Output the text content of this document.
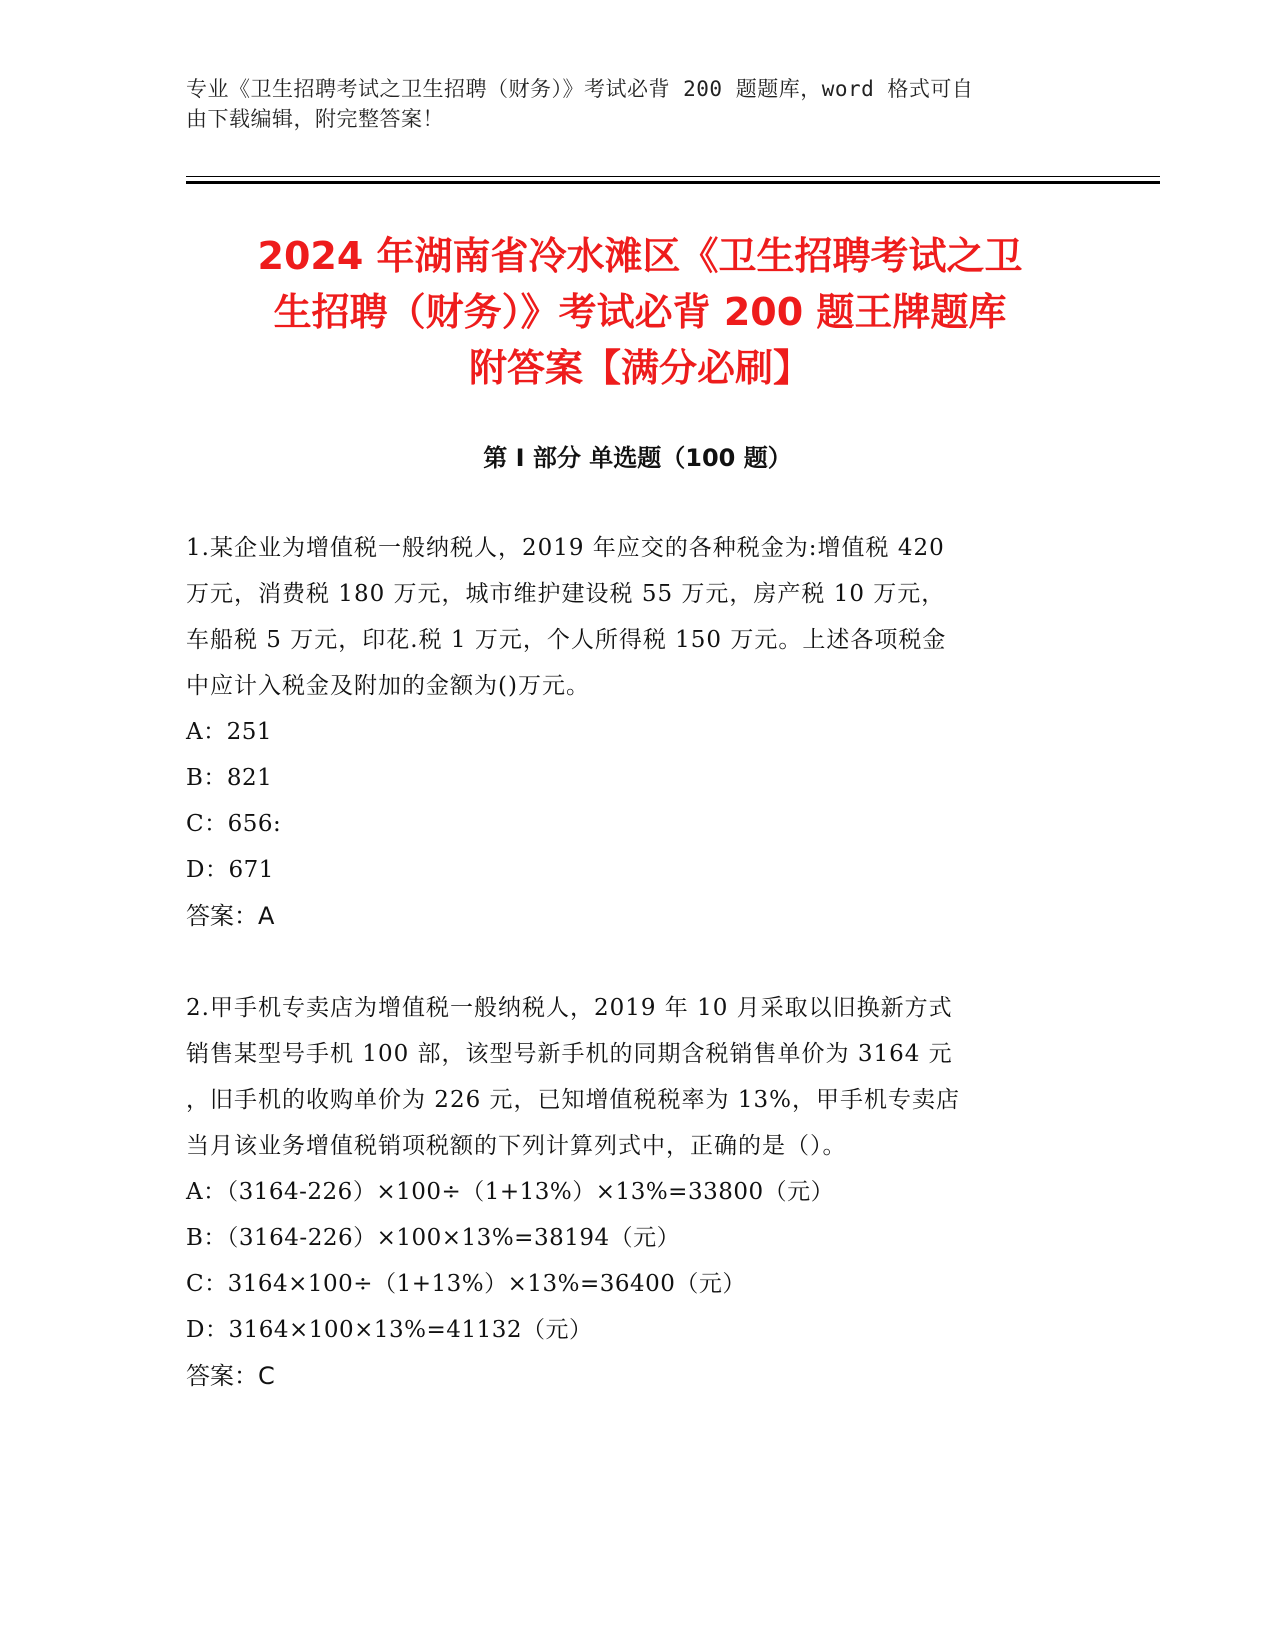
专业《卫生招聘考试之卫生招聘（财务）》考试必背 200 题题库，word 格式可自
由下载编辑，附完整答案！
2024 年湖南省冷水滩区《卫生招聘考试之卫
生招聘（财务）》考试必背 200 题王牌题库
附答案【满分必刷】
第 I 部分 单选题（100 题）
1.某企业为增值税一般纳税人，2019 年应交的各种税金为:增值税 420
万元，消费税 180 万元，城市维护建设税 55 万元，房产税 10 万元，
车船税 5 万元，印花.税 1 万元，个人所得税 150 万元。上述各项税金
中应计入税金及附加的金额为()万元。
A：251
B：821
C：656:
D：671
答案：A
2.甲手机专卖店为增值税一般纳税人，2019 年 10 月采取以旧换新方式
销售某型号手机 100 部，该型号新手机的同期含税销售单价为 3164 元
，旧手机的收购单价为 226 元，已知增值税税率为 13%，甲手机专卖店
当月该业务增值税销项税额的下列计算列式中，正确的是（）。
A：（3164-226）×100÷（1+13%）×13%=33800（元）
B：（3164-226）×100×13%=38194（元）
C：3164×100÷（1+13%）×13%=36400（元）
D：3164×100×13%=41132（元）
答案：C
